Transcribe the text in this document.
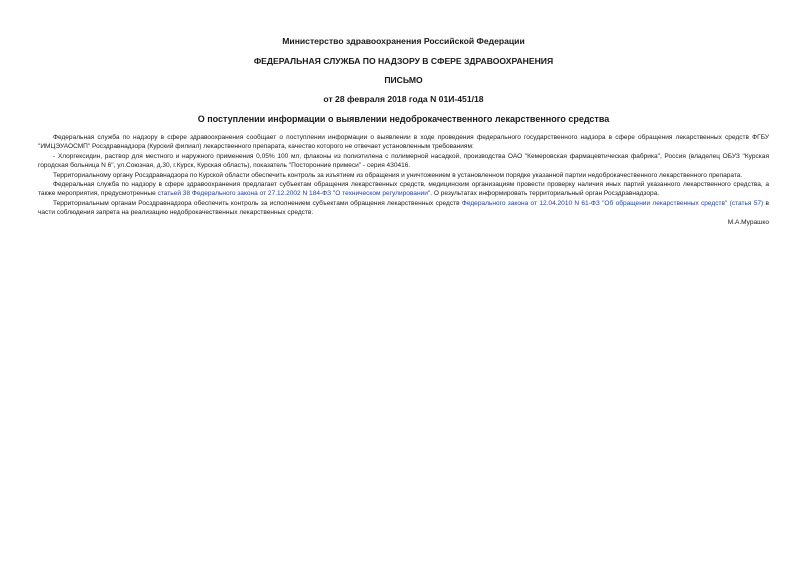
Министерство здравоохранения Российской Федерации
ФЕДЕРАЛЬНАЯ СЛУЖБА ПО НАДЗОРУ В СФЕРЕ ЗДРАВООХРАНЕНИЯ
ПИСЬМО
от 28 февраля 2018 года N 01И-451/18
О поступлении информации о выявлении недоброкачественного лекарственного средства

Федеральная служба по надзору в сфере здравоохранения сообщает о поступлении информации о выявлении в ходе проведения федерального государственного надзора в сфере обращения лекарственных средств ФГБУ "ИМЦЭУАОСМП" Росздравнадзора (Курский филиал) лекарственного препарата, качество которого не отвечает установленным требованиям:

- Хлоргексидин, раствор для местного и наружного применения 0,05% 100 мл, флаконы из полиэтилена с полимерной насадкой, производства ОАО "Кемеровская фармацевтическая фабрика", Россия (владелец ОБУЗ "Курская городская больница N 6", ул.Союзная, д.30, г.Курск, Курская область), показатель "Посторонние примеси" - серия 430416.

Территориальному органу Росздравнадзора по Курской области обеспечить контроль за изъятием из обращения и уничтожением в установленном порядке указанной партии недоброкачественного лекарственного препарата.

Федеральная служба по надзору в сфере здравоохранения предлагает субъектам обращения лекарственных средств, медицинским организациям провести проверку наличия иных партий указанного лекарственного средства, а также мероприятия, предусмотренные статьей 38 Федерального закона от 27.12.2002 N 184-ФЗ "О техническом регулировании". О результатах информировать территориальный орган Росздравнадзора.

Территориальным органам Росздравнадзора обеспечить контроль за исполнением субъектами обращения лекарственных средств Федерального закона от 12.04.2010 N 61-ФЗ "Об обращении лекарственных средств" (статья 57) в части соблюдения запрета на реализацию недоброкачественных лекарственных средств.

М.А.Мурашко
